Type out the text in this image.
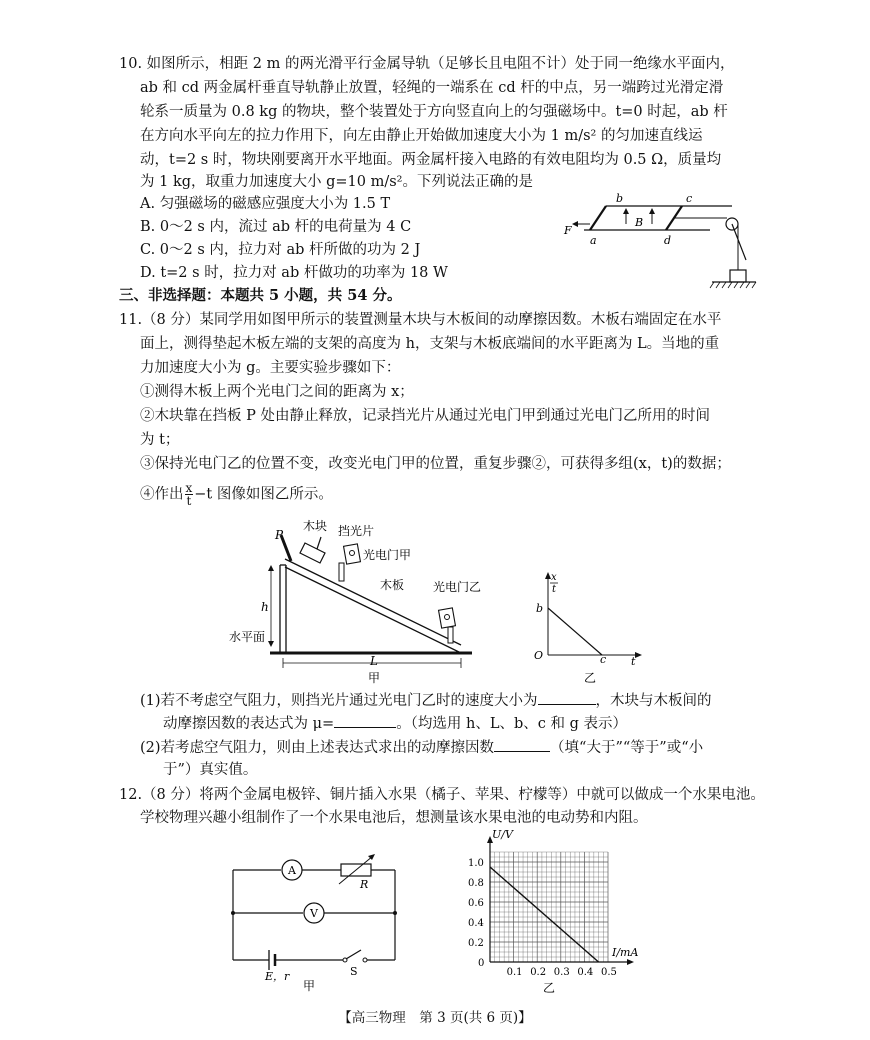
10. 如图所示，相距 2 m 的两光滑平行金属导轨（足够长且电阻不计）处于同一绝缘水平面内，
ab 和 cd 两金属杆垂直导轨静止放置，轻绳的一端系在 cd 杆的中点，另一端跨过光滑定滑
轮系一质量为 0.8 kg 的物块，整个装置处于方向竖直向上的匀强磁场中。t=0 时起，ab 杆
在方向水平向左的拉力作用下，向左由静止开始做加速度大小为 1 m/s² 的匀加速直线运
动，t=2 s 时，物块刚要离开水平地面。两金属杆接入电路的有效电阻均为 0.5 Ω，质量均
为 1 kg，取重力加速度大小 g=10 m/s²。下列说法正确的是
A. 匀强磁场的磁感应强度大小为 1.5 T
B. 0～2 s 内，流过 ab 杆的电荷量为 4 C
C. 0～2 s 内，拉力对 ab 杆所做的功为 2 J
D. t=2 s 时，拉力对 ab 杆做功的功率为 18 W
b	c
a	d
B
F
三、非选择题：本题共 5 小题，共 54 分。
11.（8 分）某同学用如图甲所示的装置测量木块与木板间的动摩擦因数。木板右端固定在水平
面上，测得垫起木板左端的支架的高度为 h，支架与木板底端间的水平距离为 L。当地的重
力加速度大小为 g。主要实验步骤如下：
①测得木板上两个光电门之间的距离为 x；
②木块靠在挡板 P 处由静止释放，记录挡光片从通过光电门甲到通过光电门乙所用的时间
为 t；
③保持光电门乙的位置不变，改变光电门甲的位置，重复步骤②，可获得多组(x，t)的数据；
④作出 $\frac{x}{t} -t$ 图像如图乙所示。
P
木块 挡光片
光电门甲
木板 光电门乙
h
水平面
L
甲
x
t
b
O	c t
乙
(1)若不考虑空气阻力，则挡光片通过光电门乙时的速度大小为	，木块与木板间的
动摩擦因数的表达式为 μ=	。（均选用 h、L、b、c 和 g 表示）
(2)若考虑空气阻力，则由上述表达式求出的动摩擦因数	（填“大于”“等于”或“小
于”）真实值。
12.（8 分）将两个金属电极锌、铜片插入水果（橘子、苹果、柠檬等）中就可以做成一个水果电池。
学校物理兴趣小组制作了一个水果电池后，想测量该水果电池的电动势和内阻。
A
R
V
E，r	S
甲
0.1 0.2 0.3 0.4 0.5
0.2
0.4
0.6
0.8
1.0
0
U/V
I/mA
乙
【高三物理　第 3 页(共 6 页)】
